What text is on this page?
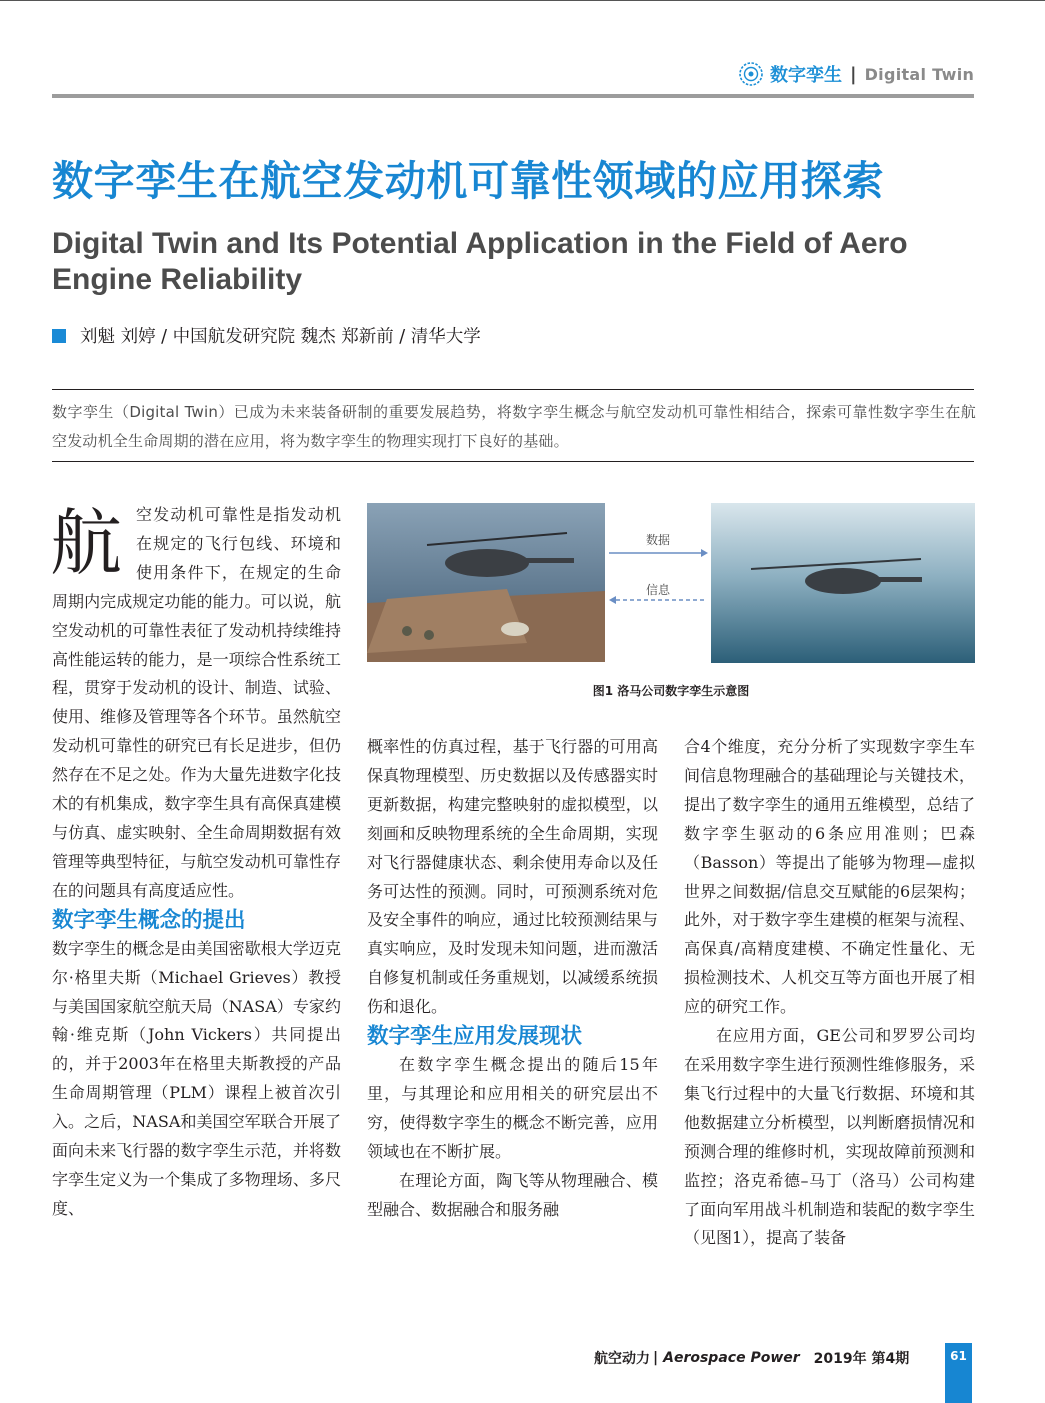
数字孪生 | Digital Twin
数字孪生在航空发动机可靠性领域的应用探索
Digital Twin and Its Potential Application in the Field of Aero Engine Reliability
刘魁 刘婷 / 中国航发研究院 魏杰 郑新前 / 清华大学
数字孪生（Digital Twin）已成为未来装备研制的重要发展趋势，将数字孪生概念与航空发动机可靠性相结合，探索可靠性数字孪生在航空发动机全生命周期的潜在应用，将为数字孪生的物理实现打下良好的基础。

航空发动机可靠性是指发动机在规定的飞行包线、环境和使用条件下，在规定的生命周期内完成规定功能的能力。可以说，航空发动机的可靠性表征了发动机持续维持高性能运转的能力，是一项综合性系统工程，贯穿于发动机的设计、制造、试验、使用、维修及管理等各个环节。虽然航空发动机可靠性的研究已有长足进步，但仍然存在不足之处。作为大量先进数字化技术的有机集成，数字孪生具有高保真建模与仿真、虚实映射、全生命周期数据有效管理等典型特征，与航空发动机可靠性存在的问题具有高度适应性。

数字孪生概念的提出

数字孪生的概念是由美国密歇根大学迈克尔·格里夫斯（Michael Grieves）教授与美国国家航空航天局（NASA）专家约翰·维克斯（John Vickers）共同提出的，并于2003年在格里夫斯教授的产品生命周期管理（PLM）课程上被首次引入。之后，NASA和美国空军联合开展了面向未来飞行器的数字孪生示范，并将数字孪生定义为一个集成了多物理场、多尺度、

数据
信息
图1 洛马公司数字孪生示意图

概率性的仿真过程，基于飞行器的可用高保真物理模型、历史数据以及传感器实时更新数据，构建完整映射的虚拟模型，以刻画和反映物理系统的全生命周期，实现对飞行器健康状态、剩余使用寿命以及任务可达性的预测。同时，可预测系统对危及安全事件的响应，通过比较预测结果与真实响应，及时发现未知问题，进而激活自修复机制或任务重规划，以减缓系统损伤和退化。

数字孪生应用发展现状

在数字孪生概念提出的随后15年里，与其理论和应用相关的研究层出不穷，使得数字孪生的概念不断完善，应用领域也在不断扩展。

在理论方面，陶飞等从物理融合、模型融合、数据融合和服务融

合4个维度，充分分析了实现数字孪生车间信息物理融合的基础理论与关键技术，提出了数字孪生的通用五维模型，总结了数字孪生驱动的6条应用准则；巴森（Basson）等提出了能够为物理—虚拟世界之间数据/信息交互赋能的6层架构；此外，对于数字孪生建模的框架与流程、高保真/高精度建模、不确定性量化、无损检测技术、人机交互等方面也开展了相应的研究工作。

在应用方面，GE公司和罗罗公司均在采用数字孪生进行预测性维修服务，采集飞行过程中的大量飞行数据、环境和其他数据建立分析模型，以判断磨损情况和预测合理的维修时机，实现故障前预测和监控；洛克希德–马丁（洛马）公司构建了面向军用战斗机制造和装配的数字孪生（见图1），提高了装备

航空动力 | Aerospace Power 2019年 第4期	61
